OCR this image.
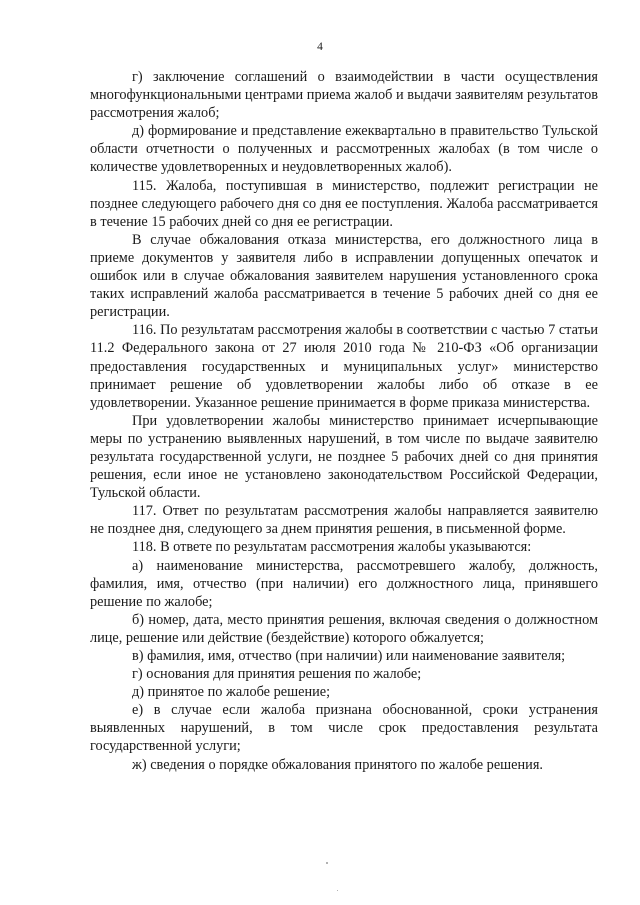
4

г) заключение соглашений о взаимодействии в части осуществления многофункциональными центрами приема жалоб и выдачи заявителям результатов рассмотрения жалоб;

д) формирование и представление ежеквартально в правительство Тульской области отчетности о полученных и рассмотренных жалобах (в том числе о количестве удовлетворенных и неудовлетворенных жалоб).

115. Жалоба, поступившая в министерство, подлежит регистрации не позднее следующего рабочего дня со дня ее поступления. Жалоба рассматривается в течение 15 рабочих дней со дня ее регистрации.

В случае обжалования отказа министерства, его должностного лица в приеме документов у заявителя либо в исправлении допущенных опечаток и ошибок или в случае обжалования заявителем нарушения установленного срока таких исправлений жалоба рассматривается в течение 5 рабочих дней со дня ее регистрации.

116. По результатам рассмотрения жалобы в соответствии с частью 7 статьи 11.2 Федерального закона от 27 июля 2010 года № 210-ФЗ «Об организации предоставления государственных и муниципальных услуг» министерство принимает решение об удовлетворении жалобы либо об отказе в ее удовлетворении. Указанное решение принимается в форме приказа министерства.

При удовлетворении жалобы министерство принимает исчерпывающие меры по устранению выявленных нарушений, в том числе по выдаче заявителю результата государственной услуги, не позднее 5 рабочих дней со дня принятия решения, если иное не установлено законодательством Российской Федерации, Тульской области.

117. Ответ по результатам рассмотрения жалобы направляется заявителю не позднее дня, следующего за днем принятия решения, в письменной форме.

118. В ответе по результатам рассмотрения жалобы указываются:

а) наименование министерства, рассмотревшего жалобу, должность, фамилия, имя, отчество (при наличии) его должностного лица, принявшего решение по жалобе;

б) номер, дата, место принятия решения, включая сведения о должностном лице, решение или действие (бездействие) которого обжалуется;

в) фамилия, имя, отчество (при наличии) или наименование заявителя;

г) основания для принятия решения по жалобе;

д) принятое по жалобе решение;

е) в случае если жалоба признана обоснованной, сроки устранения выявленных нарушений, в том числе срок предоставления результата государственной услуги;

ж) сведения о порядке обжалования принятого по жалобе решения.
